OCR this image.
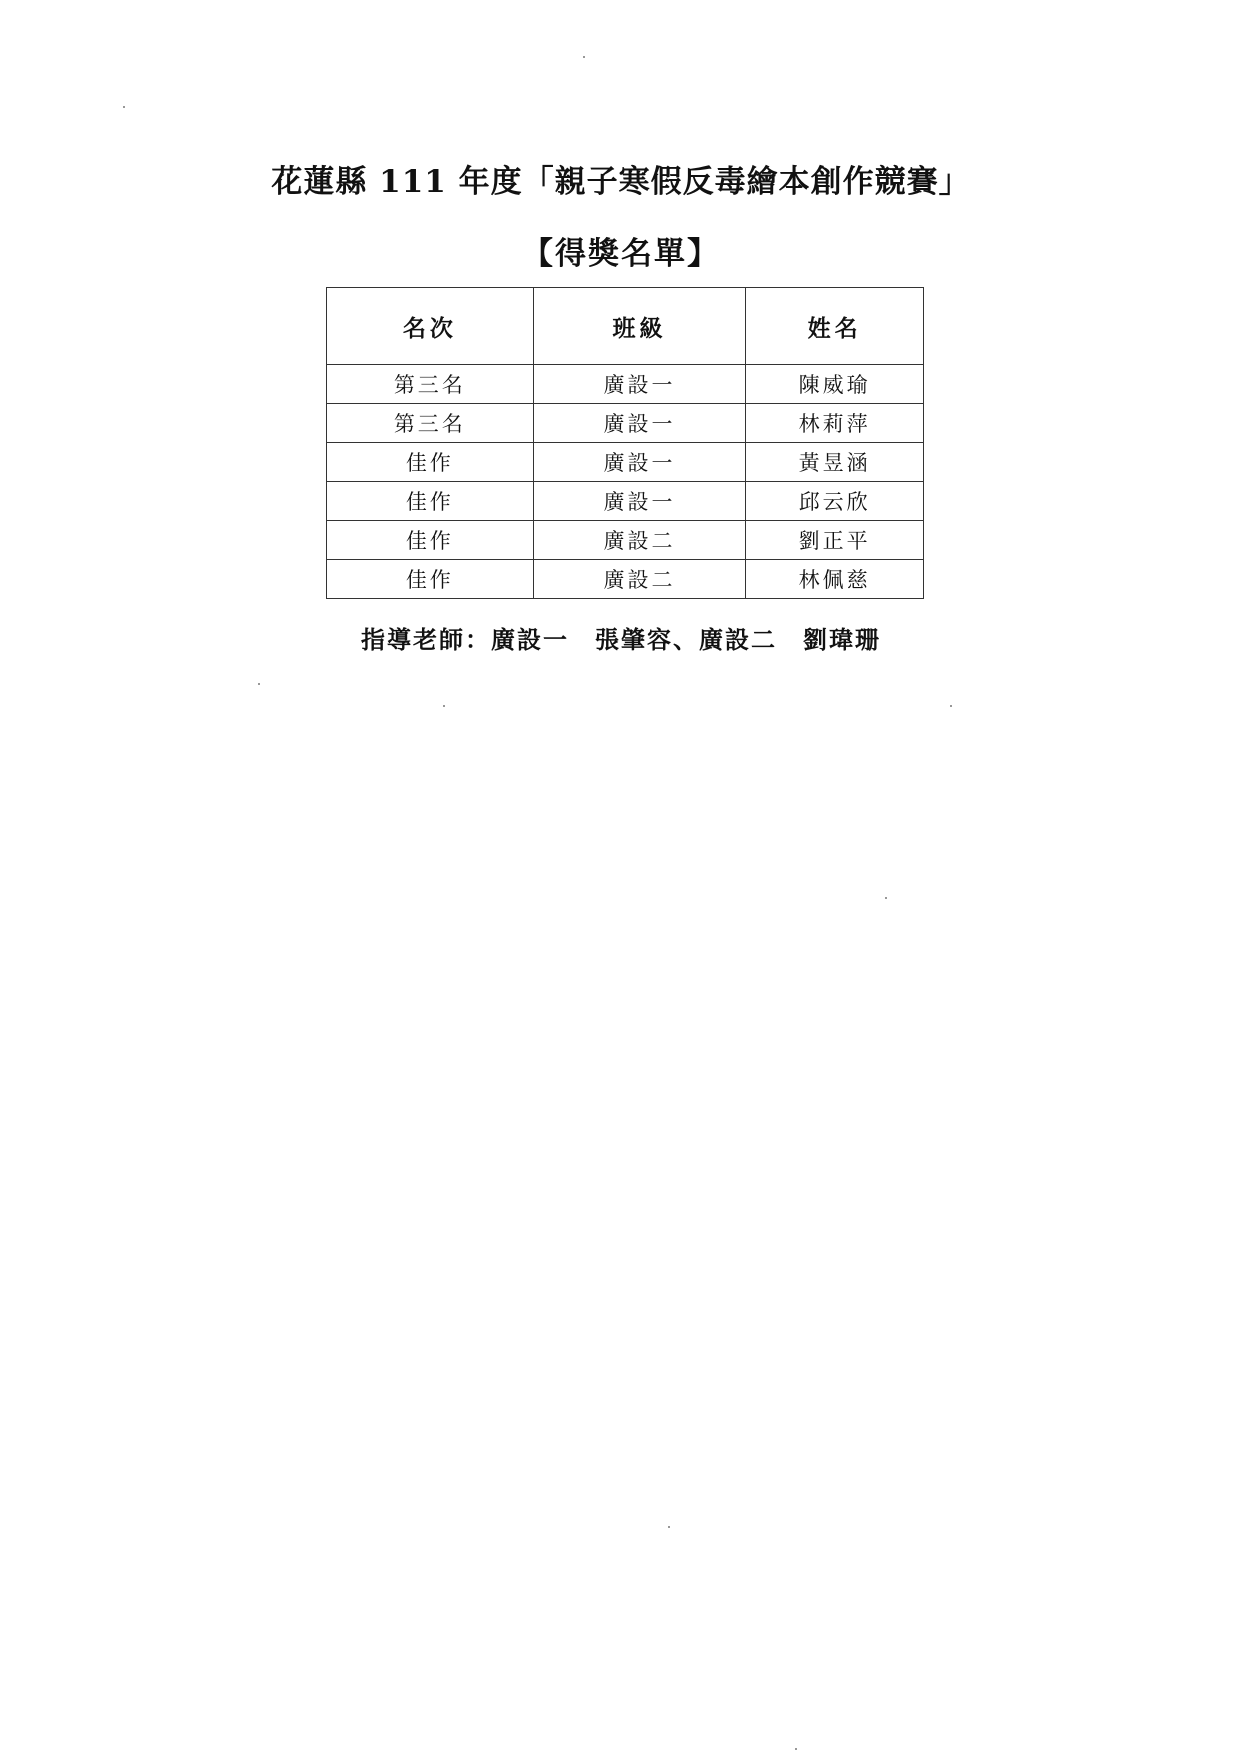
花蓮縣 111 年度「親子寒假反毒繪本創作競賽」
【得獎名單】
名次	班級	姓名
第三名	廣設一	陳威瑜
第三名	廣設一	林莉萍
佳作	廣設一	黃昱涵
佳作	廣設一	邱云欣
佳作	廣設二	劉正平
佳作	廣設二	林佩慈
指導老師：廣設一　張肇容、廣設二　劉瑋珊
